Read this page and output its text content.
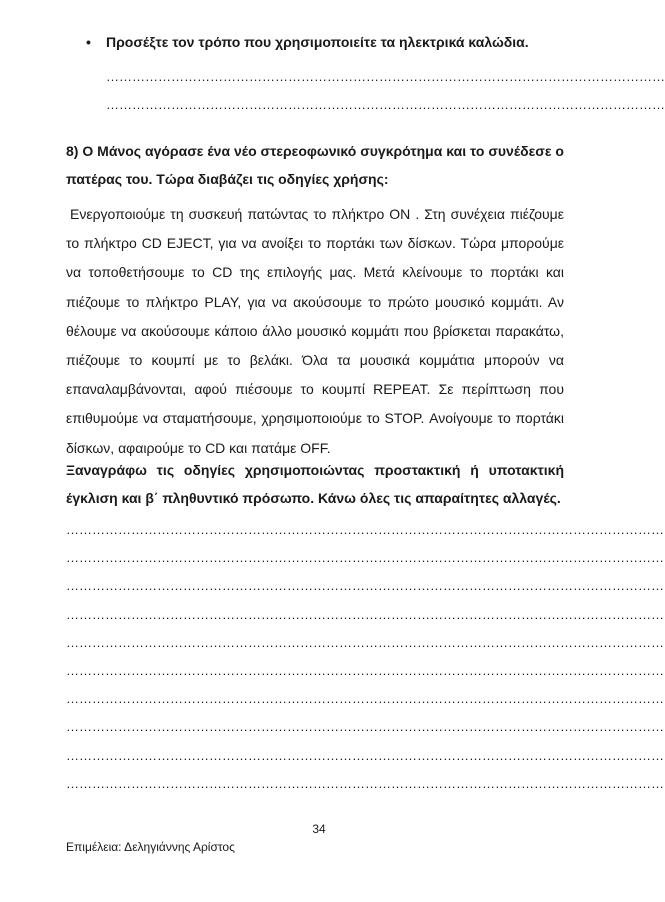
• Προσέξτε τον τρόπο που χρησιμοποιείτε τα ηλεκτρικά καλώδια.
…………………………………………………………………………………………………………………
…………………………………………………………………………………………………………………
8) Ο Μάνος αγόρασε ένα νέο στερεοφωνικό συγκρότημα και το συνέδεσε ο πατέρας του. Τώρα διαβάζει τις οδηγίες χρήσης:
Ενεργοποιούμε τη συσκευή πατώντας το πλήκτρο ON . Στη συνέχεια πιέζουμε το πλήκτρο CD EJECT, για να ανοίξει το πορτάκι των δίσκων. Τώρα μπορούμε να τοποθετήσουμε το CD της επιλογής μας. Μετά κλείνουμε το πορτάκι και πιέζουμε το πλήκτρο PLAY, για να ακούσουμε το πρώτο μουσικό κομμάτι. Αν θέλουμε να ακούσουμε κάποιο άλλο μουσικό κομμάτι που βρίσκεται παρακάτω, πιέζουμε το κουμπί με το βελάκι. Όλα τα μουσικά κομμάτια μπορούν να επαναλαμβάνονται, αφού πιέσουμε το κουμπί REPEAT. Σε περίπτωση που επιθυμούμε να σταματήσουμε, χρησιμοποιούμε το STOP. Ανοίγουμε το πορτάκι δίσκων, αφαιρούμε το CD και πατάμε OFF.
Ξαναγράφω τις οδηγίες χρησιμοποιώντας προστακτική ή υποτακτική έγκλιση και β΄ πληθυντικό πρόσωπο. Κάνω όλες τις απαραίτητες αλλαγές.
…………………………………………………………………………………………………………………………
…………………………………………………………………………………………………………………………
…………………………………………………………………………………………………………………………
…………………………………………………………………………………………………………………………
…………………………………………………………………………………………………………………………
…………………………………………………………………………………………………………………………
…………………………………………………………………………………………………………………………
…………………………………………………………………………………………………………………………
…………………………………………………………………………………………………………………………
…………………………………………………………………………………………………………………………
34
Επιμέλεια: Δεληγιάννης Αρίστος
